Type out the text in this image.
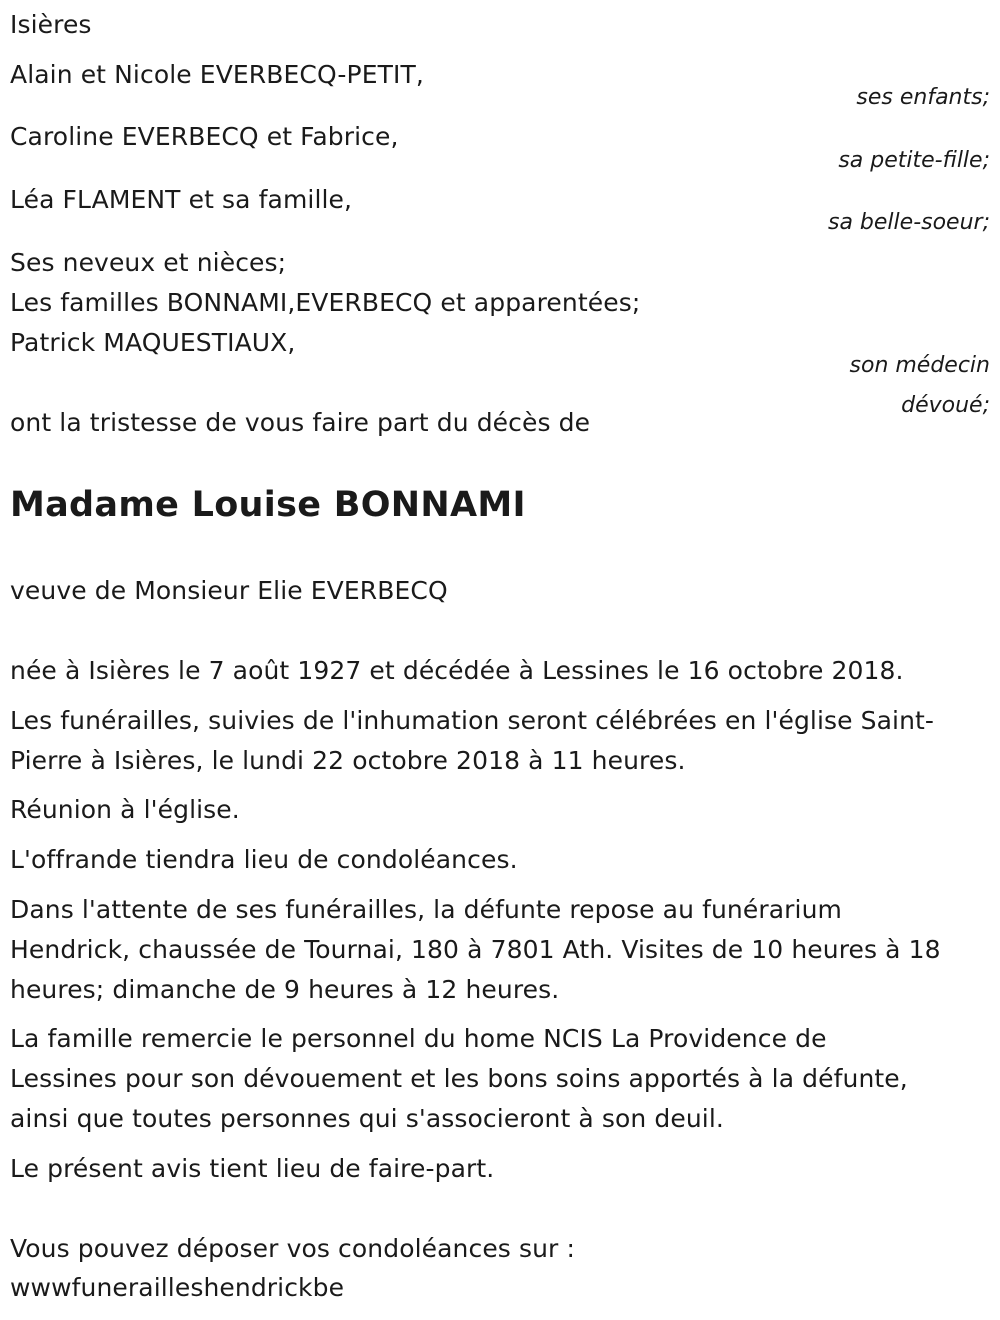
Isières
Alain et Nicole EVERBECQ-PETIT,
ses enfants;
Caroline EVERBECQ et Fabrice,
sa petite-fille;
Léa FLAMENT et sa famille,
sa belle-soeur;
Ses neveux et nièces;
Les familles BONNAMI,EVERBECQ et apparentées;
Patrick MAQUESTIAUX,
son médecin
dévoué;
ont la tristesse de vous faire part du décès de
Madame Louise BONNAMI
veuve de Monsieur Elie EVERBECQ
née à Isières le 7 août 1927 et décédée à Lessines le 16 octobre 2018.
Les funérailles, suivies de l'inhumation seront célébrées en l'église Saint-
Pierre à Isières, le lundi 22 octobre 2018 à 11 heures.
Réunion à l'église.
L'offrande tiendra lieu de condoléances.
Dans l'attente de ses funérailles, la défunte repose au funérarium
Hendrick, chaussée de Tournai, 180 à 7801 Ath. Visites de 10 heures à 18
heures; dimanche de 9 heures à 12 heures.
La famille remercie le personnel du home NCIS La Providence de
Lessines pour son dévouement et les bons soins apportés à la défunte,
ainsi que toutes personnes qui s'associeront à son deuil.
Le présent avis tient lieu de faire-part.
Vous pouvez déposer vos condoléances sur :
wwwfunerailleshendrickbe
